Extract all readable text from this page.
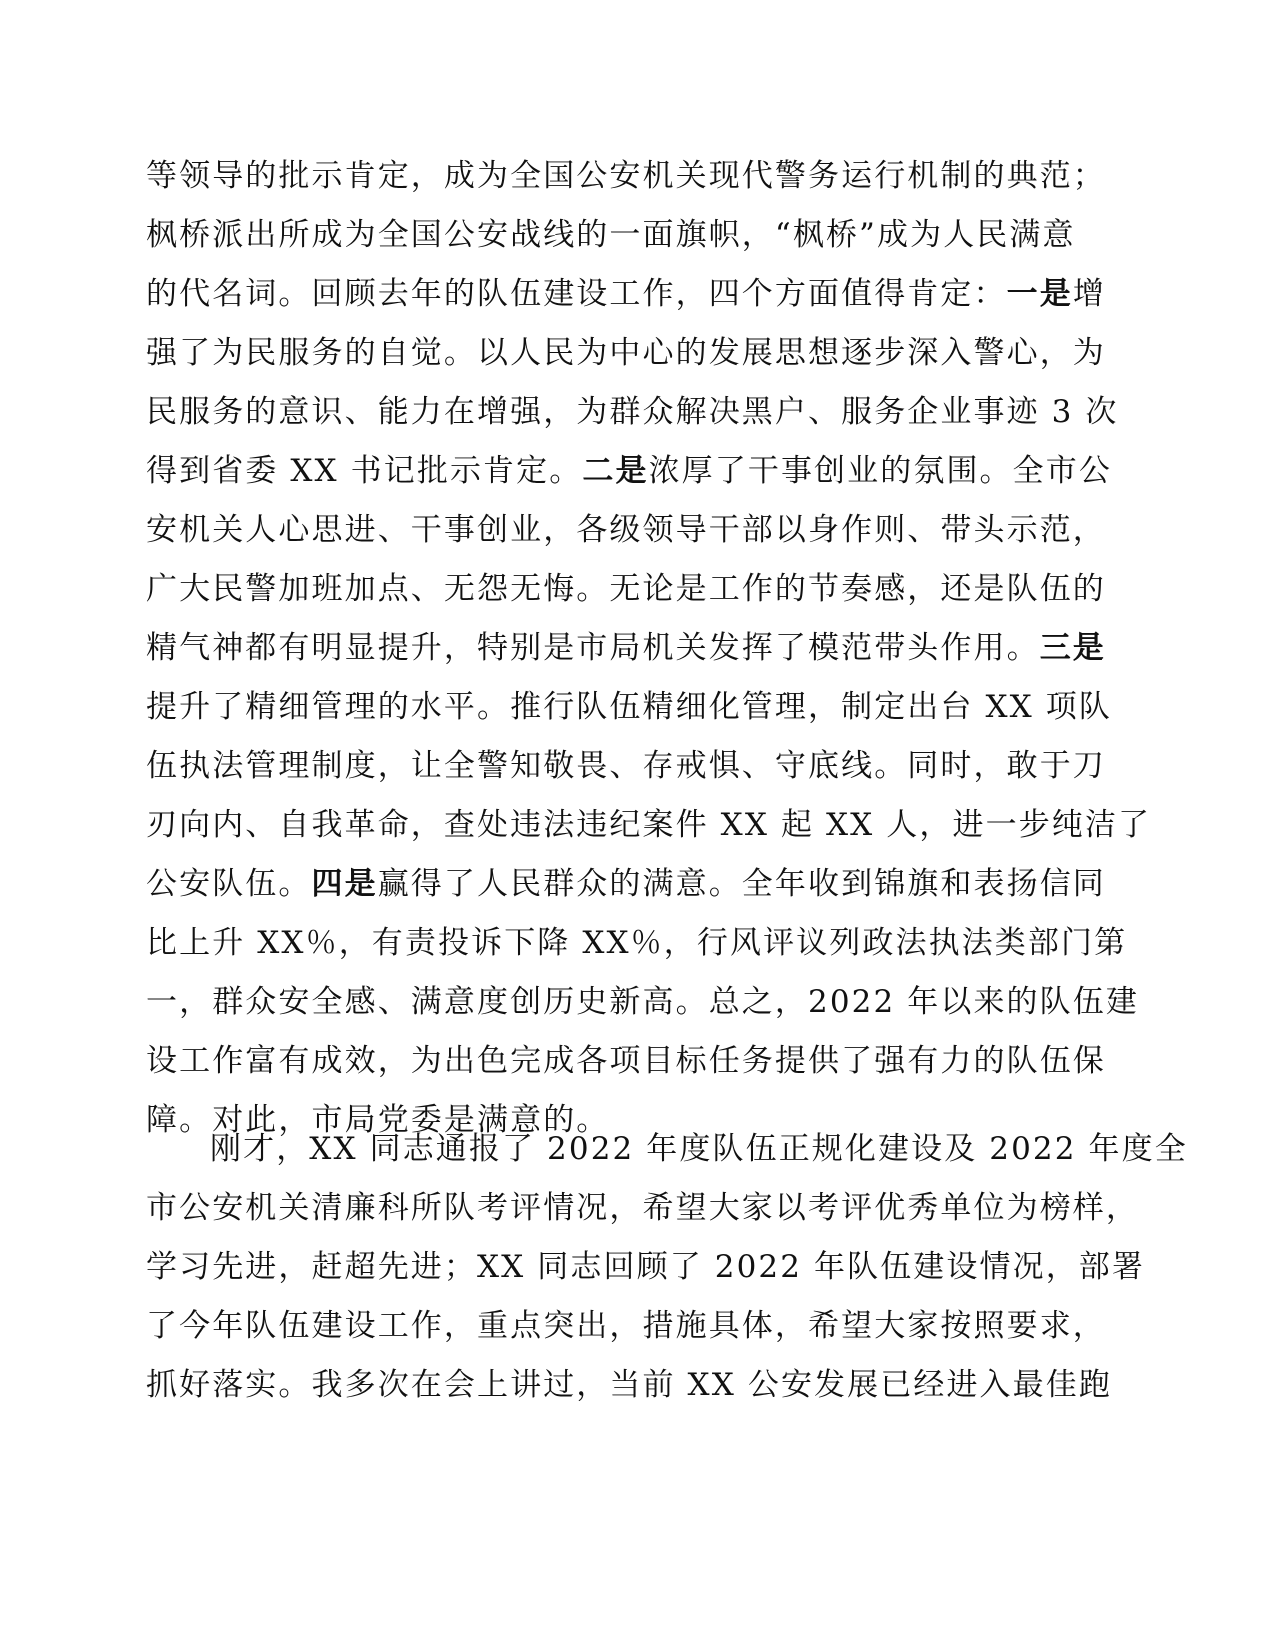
等领导的批示肯定，成为全国公安机关现代警务运行机制的典范；
枫桥派出所成为全国公安战线的一面旗帜，“枫桥”成为人民满意
的代名词。回顾去年的队伍建设工作，四个方面值得肯定：一是增
强了为民服务的自觉。以人民为中心的发展思想逐步深入警心，为
民服务的意识、能力在增强，为群众解决黑户、服务企业事迹 3 次
得到省委 XX 书记批示肯定。二是浓厚了干事创业的氛围。全市公
安机关人心思进、干事创业，各级领导干部以身作则、带头示范，
广大民警加班加点、无怨无悔。无论是工作的节奏感，还是队伍的
精气神都有明显提升，特别是市局机关发挥了模范带头作用。三是
提升了精细管理的水平。推行队伍精细化管理，制定出台 XX 项队
伍执法管理制度，让全警知敬畏、存戒惧、守底线。同时，敢于刀
刃向内、自我革命，查处违法违纪案件 XX 起 XX 人，进一步纯洁了
公安队伍。四是赢得了人民群众的满意。全年收到锦旗和表扬信同
比上升 XX％，有责投诉下降 XX％，行风评议列政法执法类部门第
一，群众安全感、满意度创历史新高。总之，2022 年以来的队伍建
设工作富有成效，为出色完成各项目标任务提供了强有力的队伍保
障。对此，市局党委是满意的。
刚才，XX 同志通报了 2022 年度队伍正规化建设及 2022 年度全
市公安机关清廉科所队考评情况，希望大家以考评优秀单位为榜样，
学习先进，赶超先进；XX 同志回顾了 2022 年队伍建设情况，部署
了今年队伍建设工作，重点突出，措施具体，希望大家按照要求，
抓好落实。我多次在会上讲过，当前 XX 公安发展已经进入最佳跑
